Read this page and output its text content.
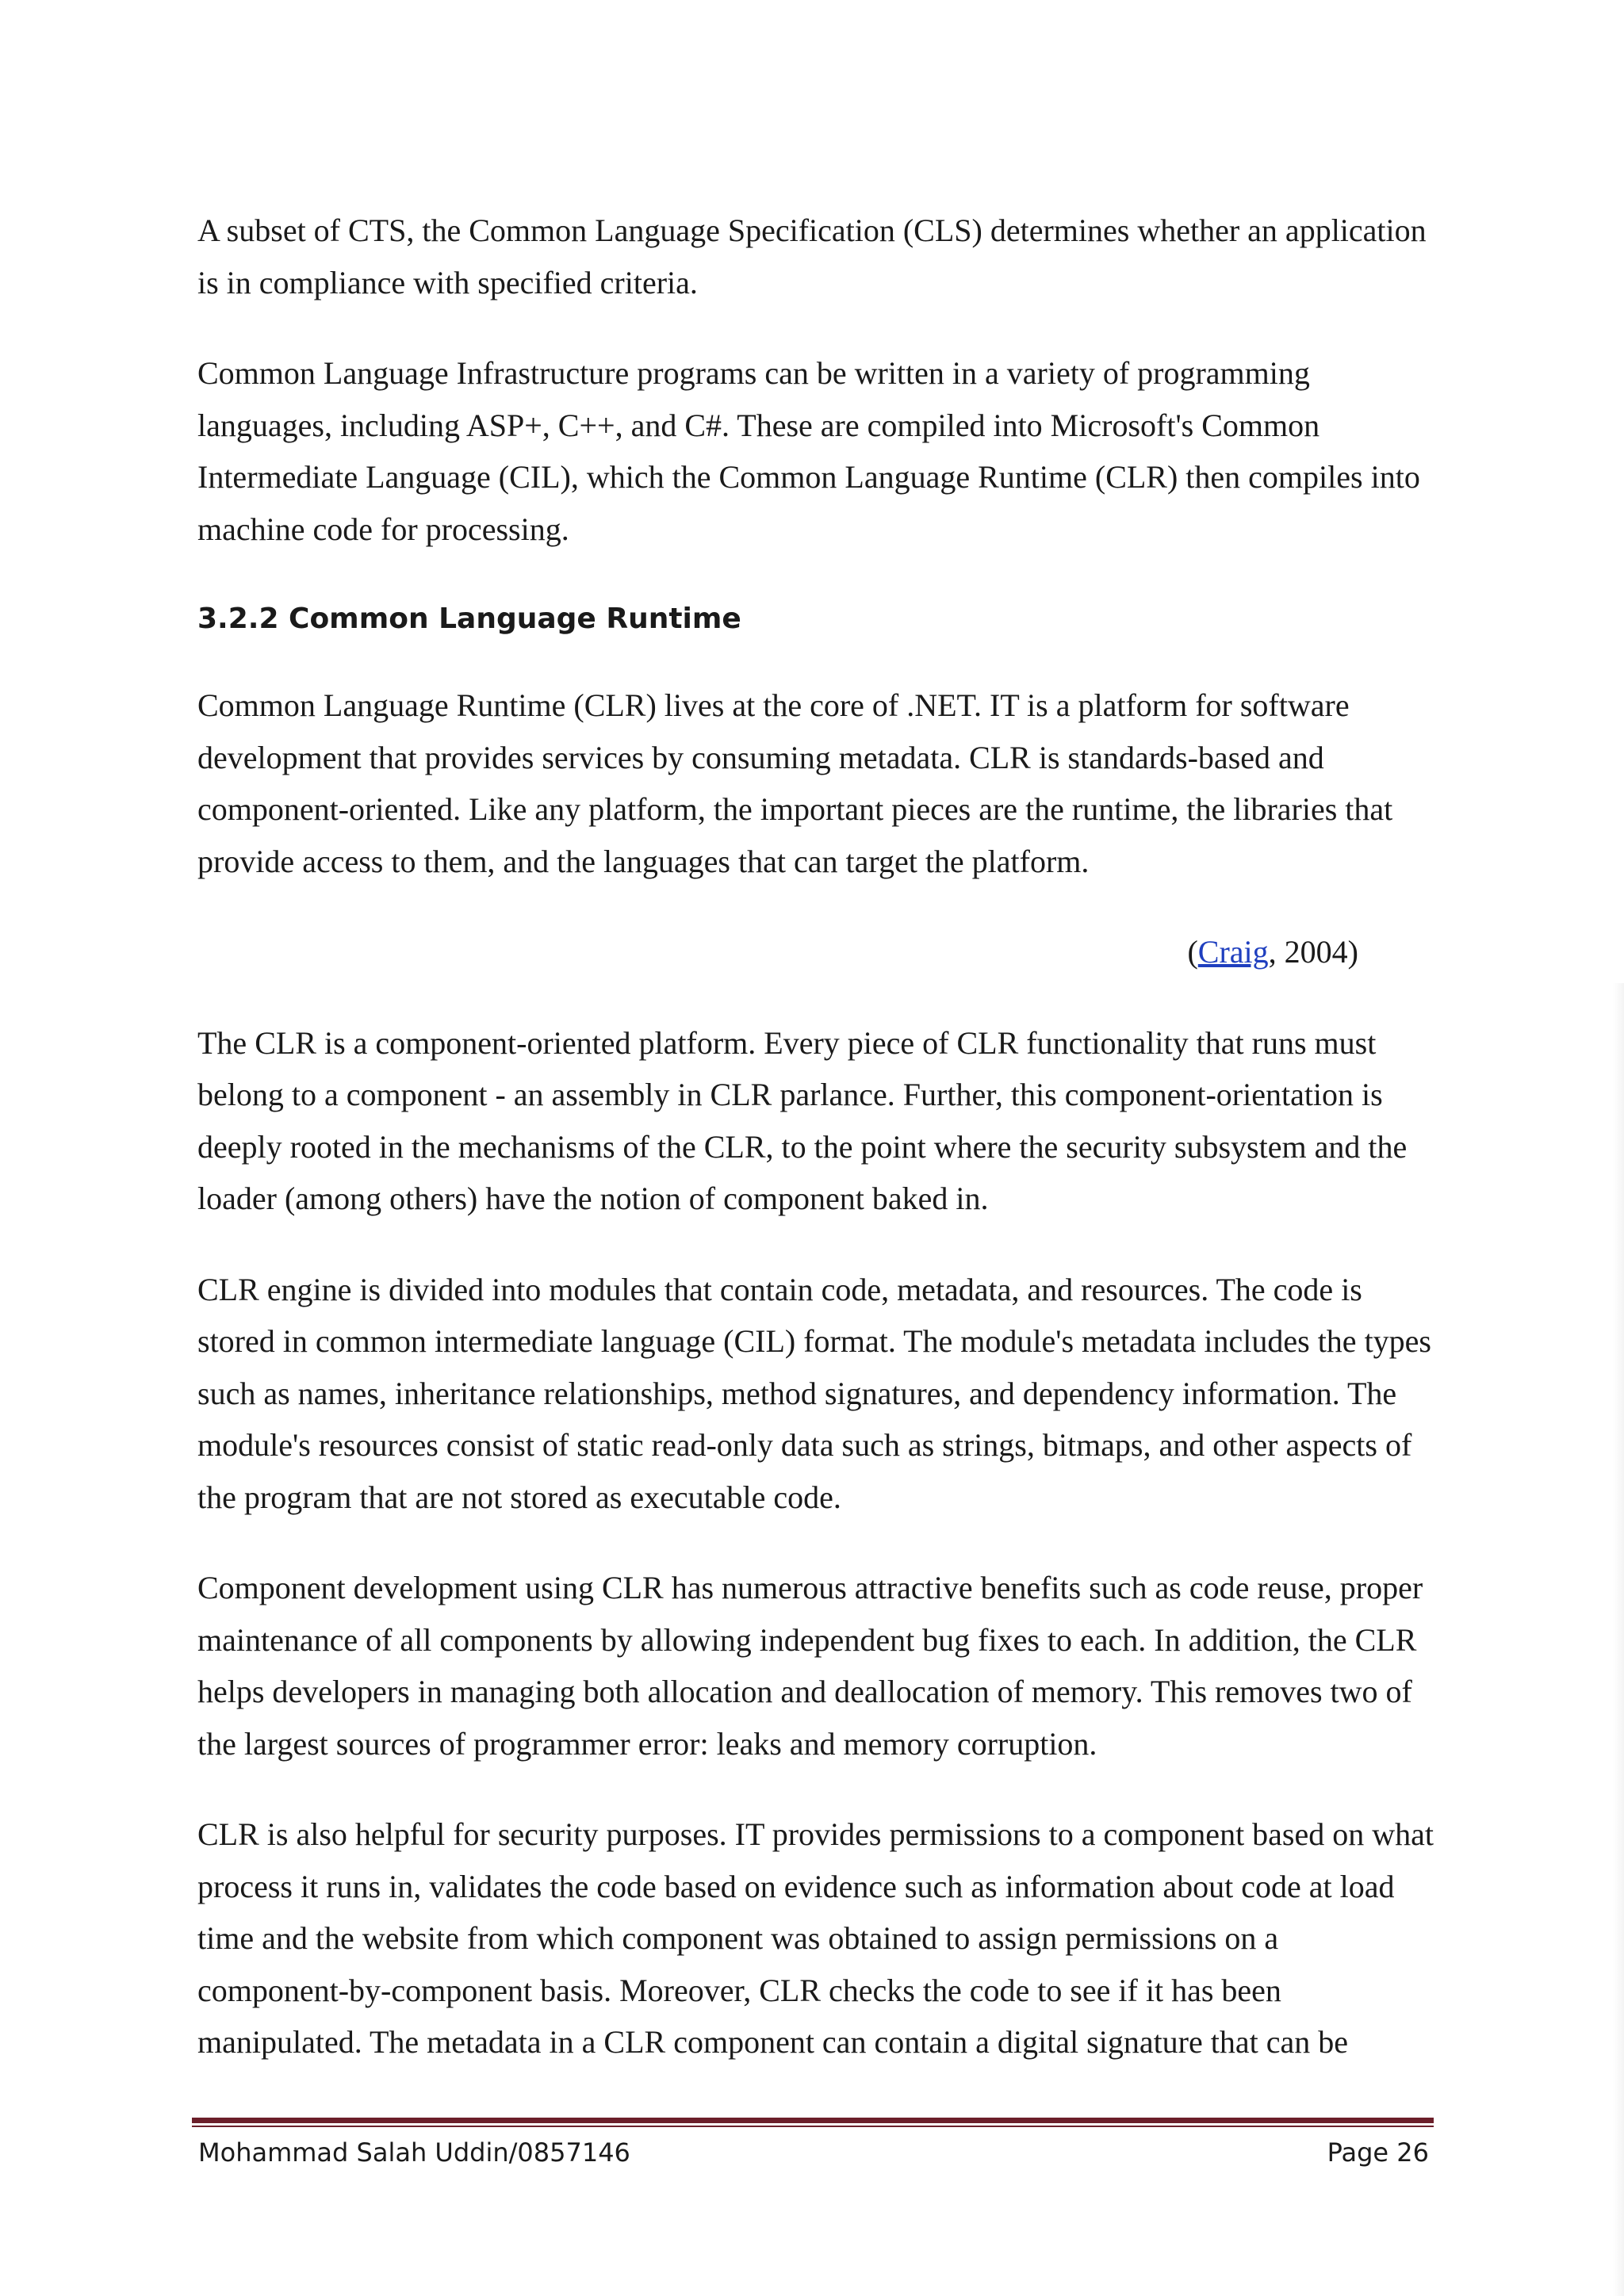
A subset of CTS, the Common Language Specification (CLS) determines whether an application is in compliance with specified criteria.

Common Language Infrastructure programs can be written in a variety of programming languages, including ASP+, C++, and C#. These are compiled into Microsoft's Common Intermediate Language (CIL), which the Common Language Runtime (CLR) then compiles into machine code for processing.

3.2.2 Common Language Runtime

Common Language Runtime (CLR) lives at the core of .NET. IT is a platform for software development that provides services by consuming metadata. CLR is standards-based and component-oriented. Like any platform, the important pieces are the runtime, the libraries that provide access to them, and the languages that can target the platform.

(Craig, 2004)

The CLR is a component-oriented platform. Every piece of CLR functionality that runs must belong to a component - an assembly in CLR parlance. Further, this component-orientation is deeply rooted in the mechanisms of the CLR, to the point where the security subsystem and the loader (among others) have the notion of component baked in.

CLR engine is divided into modules that contain code, metadata, and resources. The code is stored in common intermediate language (CIL) format. The module's metadata includes the types such as names, inheritance relationships, method signatures, and dependency information. The module's resources consist of static read-only data such as strings, bitmaps, and other aspects of the program that are not stored as executable code.

Component development using CLR has numerous attractive benefits such as code reuse, proper maintenance of all components by allowing independent bug fixes to each. In addition, the CLR helps developers in managing both allocation and deallocation of memory. This removes two of the largest sources of programmer error: leaks and memory corruption.

CLR is also helpful for security purposes. IT provides permissions to a component based on what process it runs in, validates the code based on evidence such as information about code at load time and the website from which component was obtained to assign permissions on a component-by-component basis. Moreover, CLR checks the code to see if it has been manipulated. The metadata in a CLR component can contain a digital signature that can be

Mohammad Salah Uddin/0857146	Page 26
